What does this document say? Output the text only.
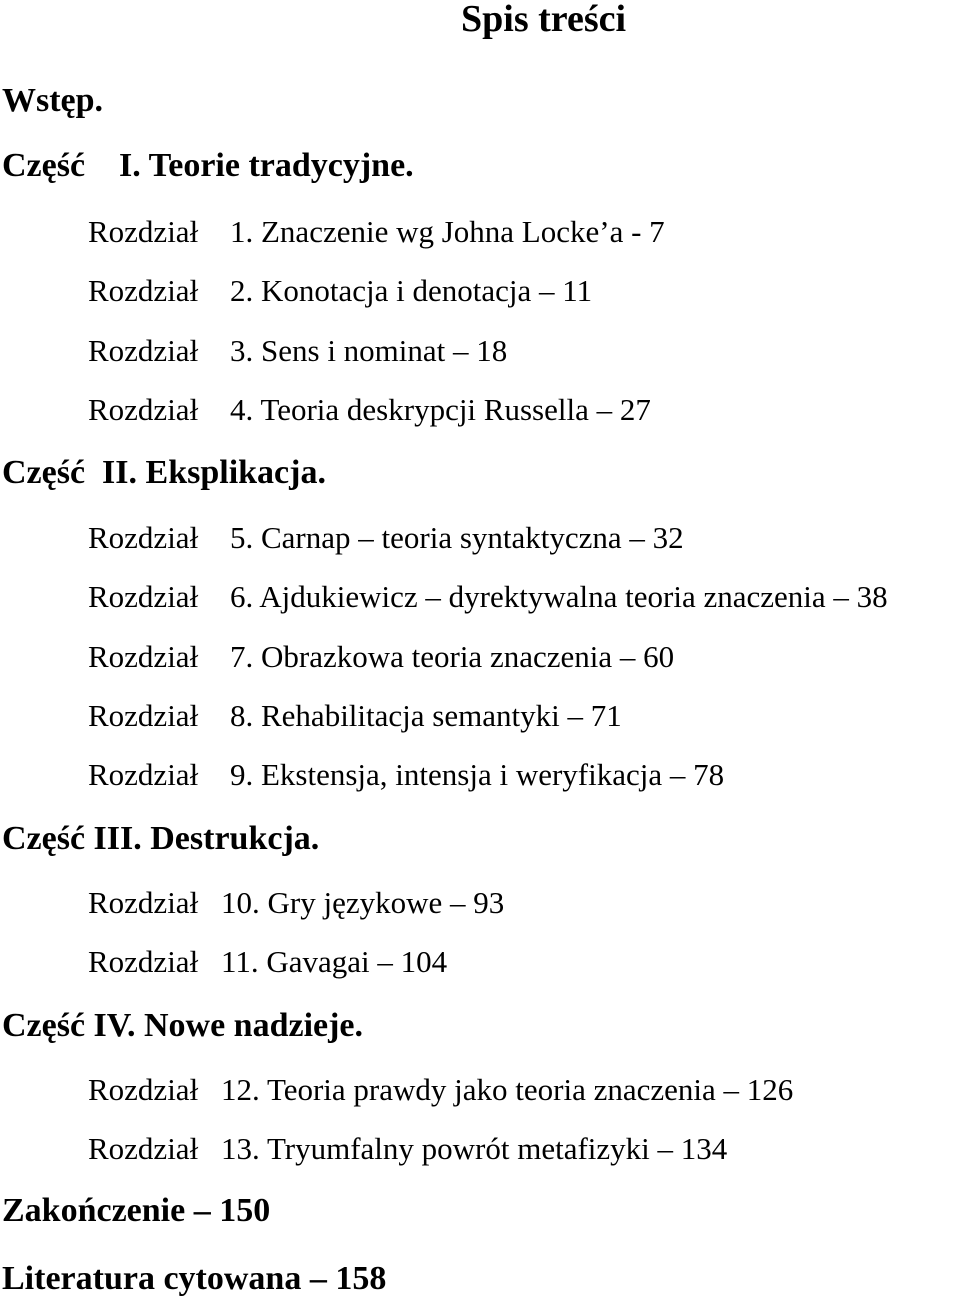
Spis treści
Wstęp.
Część    I. Teorie tradycyjne.
Rozdział 1. Znaczenie wg Johna Locke’a - 7
Rozdział 2. Konotacja i denotacja – 11
Rozdział 3. Sens i nominat – 18
Rozdział 4. Teoria deskrypcji Russella – 27
Część  II. Eksplikacja.
Rozdział 5. Carnap – teoria syntaktyczna – 32
Rozdział 6. Ajdukiewicz – dyrektywalna teoria znaczenia – 38
Rozdział 7. Obrazkowa teoria znaczenia – 60
Rozdział 8. Rehabilitacja semantyki – 71
Rozdział 9. Ekstensja, intensja i weryfikacja – 78
Część III. Destrukcja.
Rozdział 10. Gry językowe – 93
Rozdział 11. Gavagai – 104
Część IV. Nowe nadzieje.
Rozdział 12. Teoria prawdy jako teoria znaczenia – 126
Rozdział 13. Tryumfalny powrót metafizyki – 134
Zakończenie – 150
Literatura cytowana – 158
